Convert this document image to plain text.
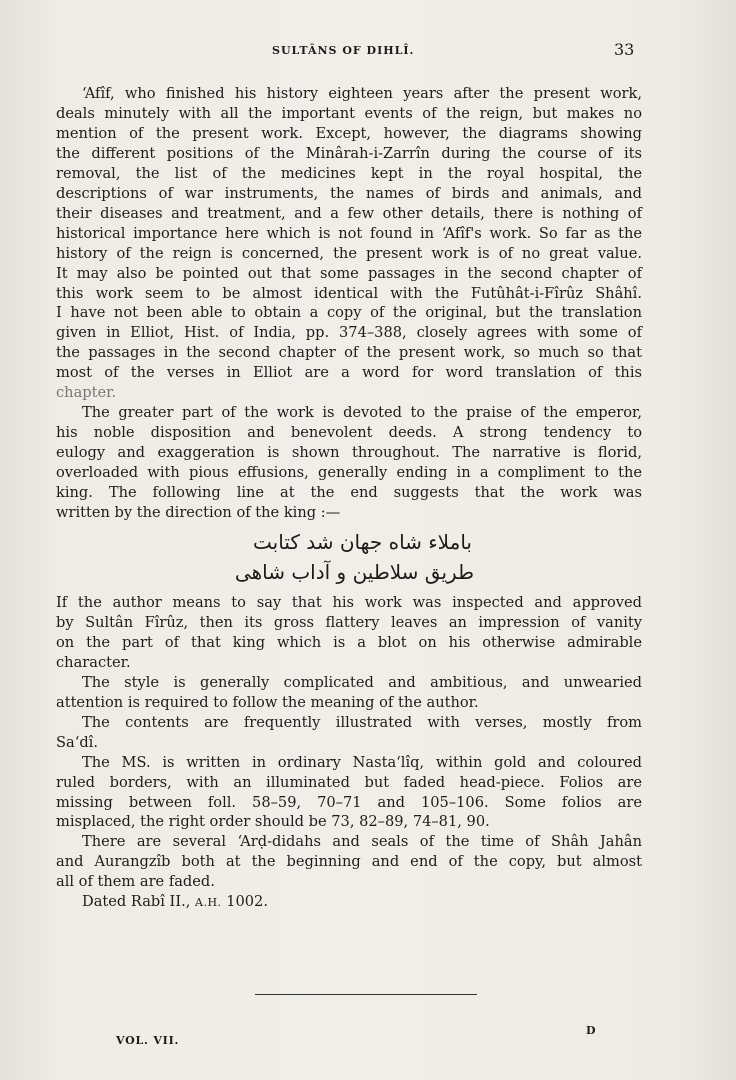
SULTÂNS OF DIHLÎ.	33
‘Afîf, who finished his history eighteen years after the present work,
deals minutely with all the important events of the reign, but makes no
mention of the present work. Except, however, the diagrams showing
the different positions of the Minârah-i-Zarrîn during the course of its
removal, the list of the medicines kept in the royal hospital, the
descriptions of war instruments, the names of birds and animals, and
their diseases and treatment, and a few other details, there is nothing of
historical importance here which is not found in ‘Afîf's work. So far as the
history of the reign is concerned, the present work is of no great value.
It may also be pointed out that some passages in the second chapter of
this work seem to be almost identical with the Futûhât-i-Fîrûz Shâhî.
I have not been able to obtain a copy of the original, but the translation
given in Elliot, Hist. of India, pp. 374–388, closely agrees with some of
the passages in the second chapter of the present work, so much so that
most of the verses in Elliot are a word for word translation of this
chapter.
The greater part of the work is devoted to the praise of the emperor,
his noble disposition and benevolent deeds. A strong tendency to
eulogy and exaggeration is shown throughout. The narrative is florid,
overloaded with pious effusions, generally ending in a compliment to the
king. The following line at the end suggests that the work was
written by the direction of the king :—
باملاء شاه جهان شد کتابت
طریق سلاطین و آداب شاهی
If the author means to say that his work was inspected and approved
by Sultân Fîrûz, then its gross flattery leaves an impression of vanity
on the part of that king which is a blot on his otherwise admirable
character.
The style is generally complicated and ambitious, and unwearied
attention is required to follow the meaning of the author.
The contents are frequently illustrated with verses, mostly from
Sa‘dî.
The MS. is written in ordinary Nasta‘lîq, within gold and coloured
ruled borders, with an illuminated but faded head-piece. Folios are
missing between foll. 58–59, 70–71 and 105–106. Some folios are
misplaced, the right order should be 73, 82–89, 74–81, 90.
There are several ‘Arḍ-didahs and seals of the time of Shâh Jahân
and Aurangzîb both at the beginning and end of the copy, but almost
all of them are faded.
Dated Rabî II., A.H. 1002.
VOL. VII.
D
